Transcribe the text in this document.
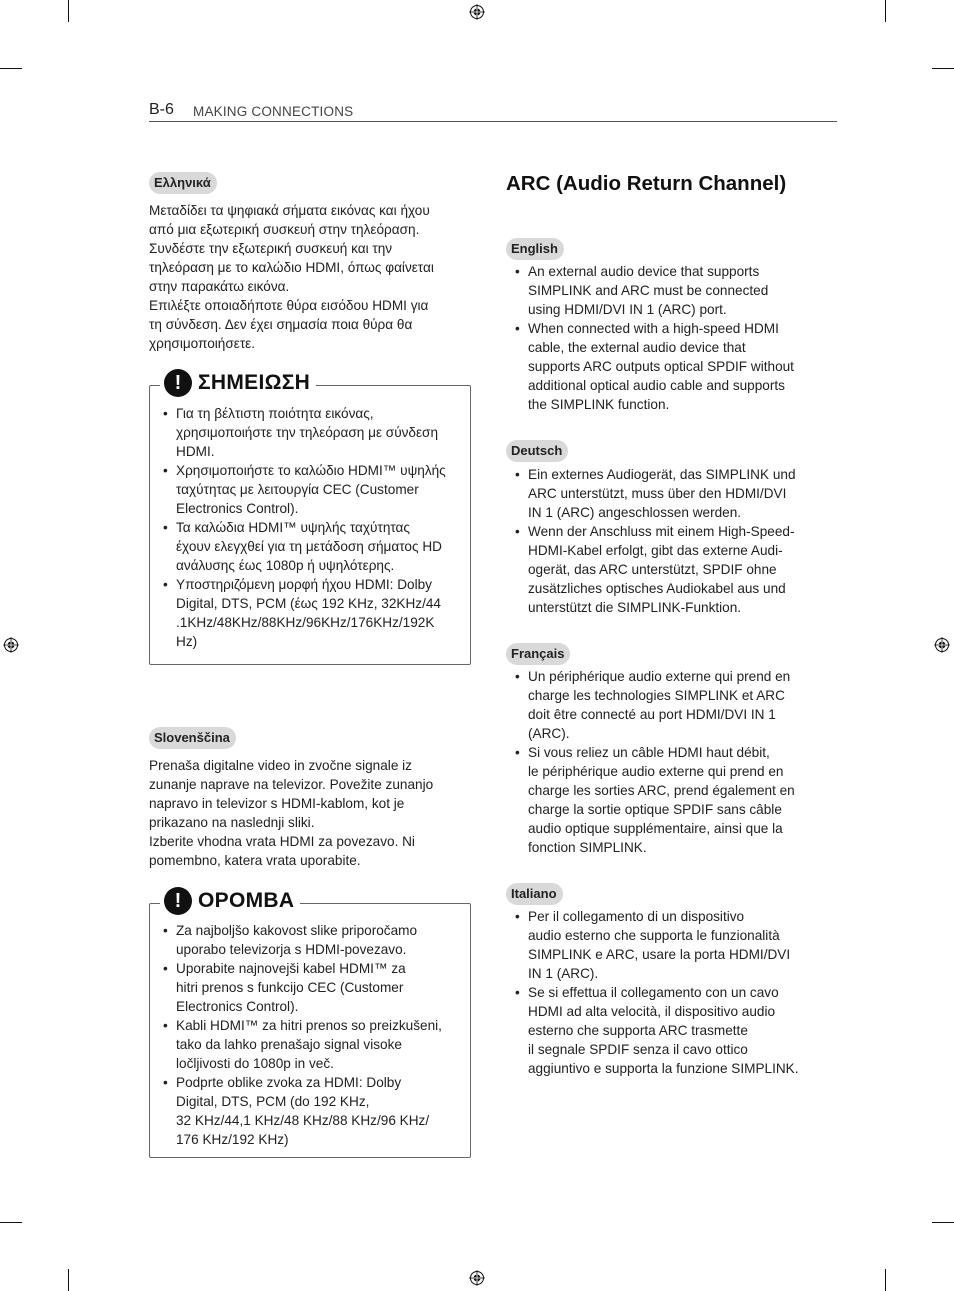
B-6 MAKING CONNECTIONS
Ελληνικά

Μεταδίδει τα ψηφιακά σήματα εικόνας και ήχου

από μια εξωτερική συσκευή στην τηλεόραση.

Συνδέστε την εξωτερική συσκευή και την

τηλεόραση με το καλώδιο HDMI, όπως φαίνεται

στην παρακάτω εικόνα.

Επιλέξτε οποιαδήποτε θύρα εισόδου HDMI για

τη σύνδεση. Δεν έχει σημασία ποια θύρα θα

χρησιμοποιήσετε.

! ΣΗΜΕΙΩΣΗ
• Για τη βέλτιστη ποιότητα εικόνας,
χρησιμοποιήστε την τηλεόραση με σύνδεση
HDMI.
• Χρησιμοποιήστε το καλώδιο HDMI™ υψηλής
ταχύτητας με λειτουργία CEC (Customer
Electronics Control).
• Τα καλώδια HDMI™ υψηλής ταχύτητας
έχουν ελεγχθεί για τη μετάδοση σήματος HD
ανάλυσης έως 1080p ή υψηλότερης.
• Υποστηριζόμενη μορφή ήχου HDMI: Dolby
Digital, DTS, PCM (έως 192 KHz, 32KHz/44
.1KHz/48KHz/88KHz/96KHz/176KHz/192K
Hz)
Slovenščina

Prenaša digitalne video in zvočne signale iz

zunanje naprave na televizor. Povežite zunanjo

napravo in televizor s HDMI-kablom, kot je

prikazano na naslednji sliki.

Izberite vhodna vrata HDMI za povezavo. Ni

pomembno, katera vrata uporabite.

! OPOMBA
• Za najboljšo kakovost slike priporočamo
uporabo televizorja s HDMI-povezavo.
• Uporabite najnovejši kabel HDMI™ za
hitri prenos s funkcijo CEC (Customer
Electronics Control).
• Kabli HDMI™ za hitri prenos so preizkušeni,
tako da lahko prenašajo signal visoke
ločljivosti do 1080p in več.
• Podprte oblike zvoka za HDMI: Dolby
Digital, DTS, PCM (do 192 KHz,
32 KHz/44,1 KHz/48 KHz/88 KHz/96 KHz/
176 KHz/192 KHz)
ARC (Audio Return Channel)
English
• An external audio device that supports
SIMPLINK and ARC must be connected
using HDMI/DVI IN 1 (ARC) port.
• When connected with a high-speed HDMI
cable, the external audio device that
supports ARC outputs optical SPDIF without
additional optical audio cable and supports
the SIMPLINK function.
Deutsch
• Ein externes Audiogerät, das SIMPLINK und
ARC unterstützt, muss über den HDMI/DVI
IN 1 (ARC) angeschlossen werden.
• Wenn der Anschluss mit einem High-Speed-
HDMI-Kabel erfolgt, gibt das externe Audi-
ogerät, das ARC unterstützt, SPDIF ohne
zusätzliches optisches Audiokabel aus und
unterstützt die SIMPLINK-Funktion.
Français
• Un périphérique audio externe qui prend en
charge les technologies SIMPLINK et ARC
doit être connecté au port HDMI/DVI IN 1
(ARC).
• Si vous reliez un câble HDMI haut débit,
le périphérique audio externe qui prend en
charge les sorties ARC, prend également en
charge la sortie optique SPDIF sans câble
audio optique supplémentaire, ainsi que la
fonction SIMPLINK.
Italiano
• Per il collegamento di un dispositivo
audio esterno che supporta le funzionalità
SIMPLINK e ARC, usare la porta HDMI/DVI
IN 1 (ARC).
• Se si effettua il collegamento con un cavo
HDMI ad alta velocità, il dispositivo audio
esterno che supporta ARC trasmette
il segnale SPDIF senza il cavo ottico
aggiuntivo e supporta la funzione SIMPLINK.
